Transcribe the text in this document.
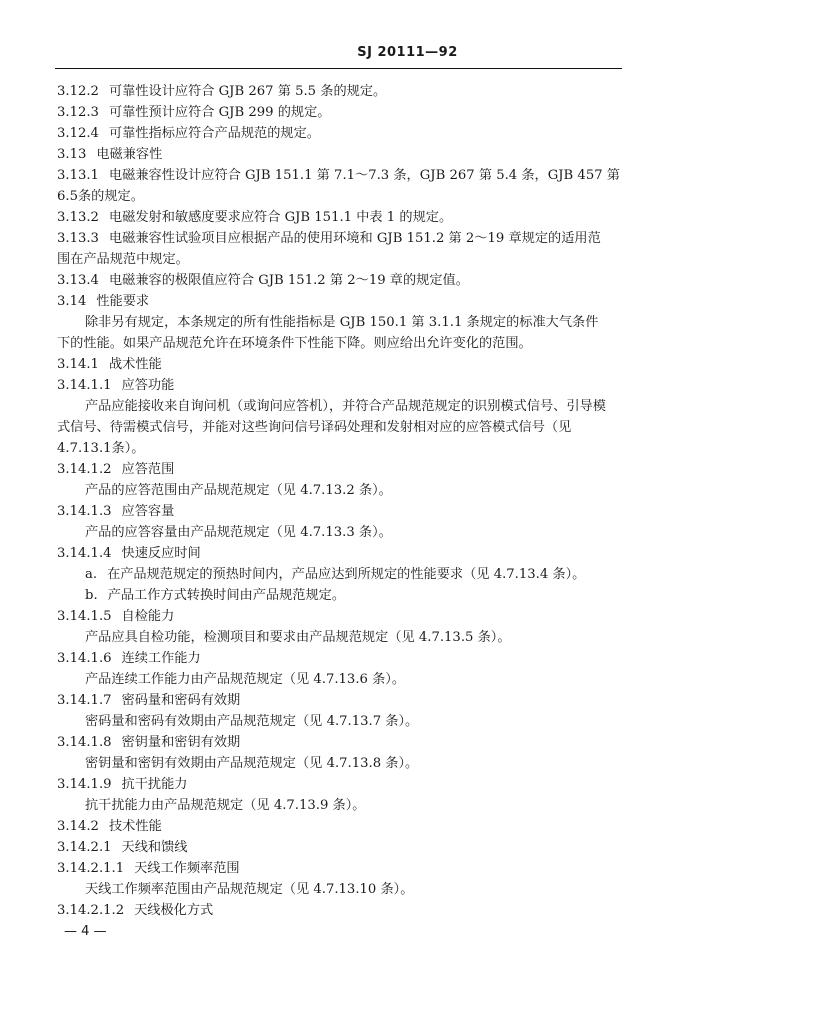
SJ 20111—92
3.12.2 可靠性设计应符合 GJB 267 第 5.5 条的规定。
3.12.3 可靠性预计应符合 GJB 299 的规定。
3.12.4 可靠性指标应符合产品规范的规定。
3.13 电磁兼容性
3.13.1 电磁兼容性设计应符合 GJB 151.1 第 7.1～7.3 条，GJB 267 第 5.4 条，GJB 457 第
6.5条的规定。
3.13.2 电磁发射和敏感度要求应符合 GJB 151.1 中表 1 的规定。
3.13.3 电磁兼容性试验项目应根据产品的使用环境和 GJB 151.2 第 2～19 章规定的适用范
围在产品规范中规定。
3.13.4 电磁兼容的极限值应符合 GJB 151.2 第 2～19 章的规定值。
3.14 性能要求
除非另有规定，本条规定的所有性能指标是 GJB 150.1 第 3.1.1 条规定的标准大气条件
下的性能。如果产品规范允许在环境条件下性能下降。则应给出允许变化的范围。
3.14.1 战术性能
3.14.1.1 应答功能
产品应能接收来自询问机（或询问应答机），并符合产品规范规定的识别模式信号、引导模
式信号、待需模式信号，并能对这些询问信号译码处理和发射相对应的应答模式信号（见
4.7.13.1条）。
3.14.1.2 应答范围
产品的应答范围由产品规范规定（见 4.7.13.2 条）。
3.14.1.3 应答容量
产品的应答容量由产品规范规定（见 4.7.13.3 条）。
3.14.1.4 快速反应时间
a. 在产品规范规定的预热时间内，产品应达到所规定的性能要求（见 4.7.13.4 条）。
b. 产品工作方式转换时间由产品规范规定。
3.14.1.5 自检能力
产品应具自检功能，检测项目和要求由产品规范规定（见 4.7.13.5 条）。
3.14.1.6 连续工作能力
产品连续工作能力由产品规范规定（见 4.7.13.6 条）。
3.14.1.7 密码量和密码有效期
密码量和密码有效期由产品规范规定（见 4.7.13.7 条）。
3.14.1.8 密钥量和密钥有效期
密钥量和密钥有效期由产品规范规定（见 4.7.13.8 条）。
3.14.1.9 抗干扰能力
抗干扰能力由产品规范规定（见 4.7.13.9 条）。
3.14.2 技术性能
3.14.2.1 天线和馈线
3.14.2.1.1 天线工作频率范围
天线工作频率范围由产品规范规定（见 4.7.13.10 条）。
3.14.2.1.2 天线极化方式
— 4 —
